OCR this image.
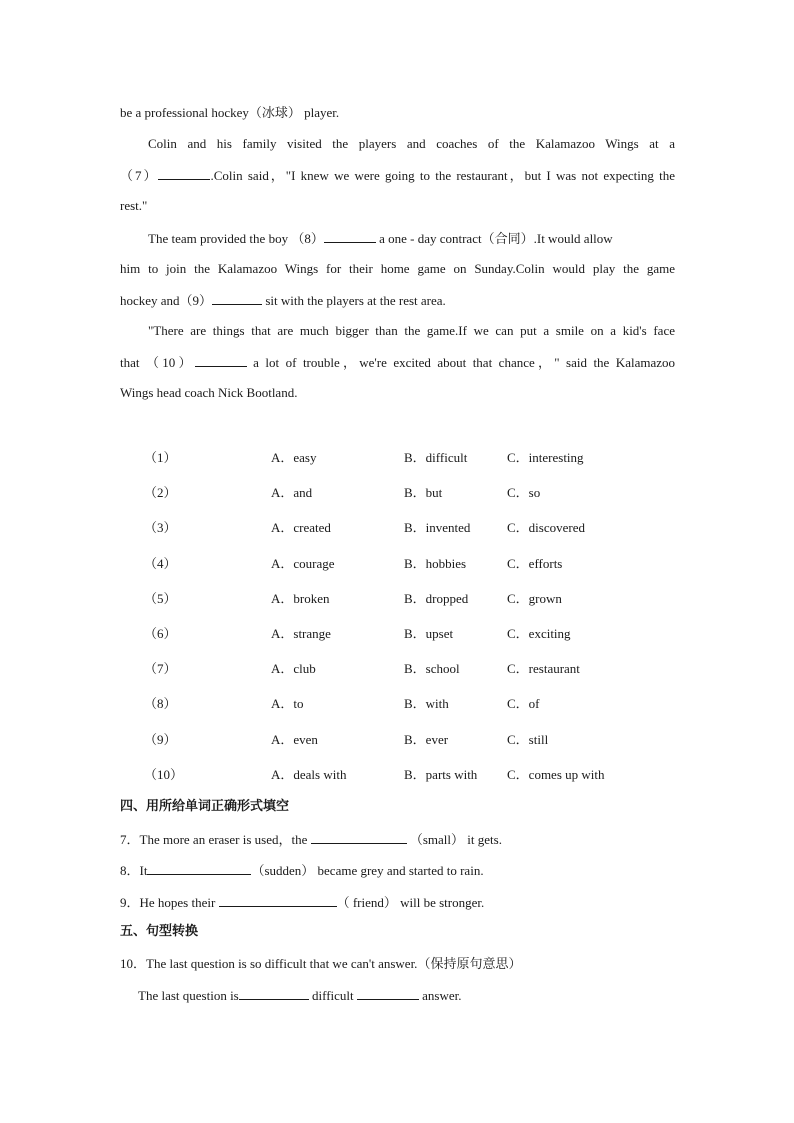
be a professional hockey（冰球） player.
Colin and his family visited the players and coaches of the Kalamazoo Wings at a
（7）	.Colin said，"I knew we were going to the restaurant，but I was not expecting the
rest."
The team provided the boy （8）	a one - day contract（合同）.It would allow
him to join the Kalamazoo Wings for their home game on Sunday.Colin would play the game
hockey and（9）	sit with the players at the rest area.
"There are things that are much bigger than the game.If we can put a smile on a kid's face
that （10）	a lot of trouble，we're excited about that chance，" said the Kalamazoo
Wings head coach Nick Bootland.
（1）	A．easy	B．difficult	C．interesting
（2）	A．and	B．but	C．so
（3）	A．created	B．invented	C．discovered
（4）	A．courage	B．hobbies	C．efforts
（5）	A．broken	B．dropped	C．grown
（6）	A．strange	B．upset	C．exciting
（7）	A．club	B．school	C．restaurant
（8）	A．to	B．with	C．of
（9）	A．even	B．ever	C．still
（10）	A．deals with	B．parts with C．comes up with
四、用所给单词正确形式填空
7．The more an eraser is used，the	（small） it gets.
8．It	（sudden） became grey and started to rain.
9．He hopes their	（ friend） will be stronger.
五、句型转换
10．The last question is so difficult that we can't answer.（保持原句意思）
The last question is	difficult	answer.
